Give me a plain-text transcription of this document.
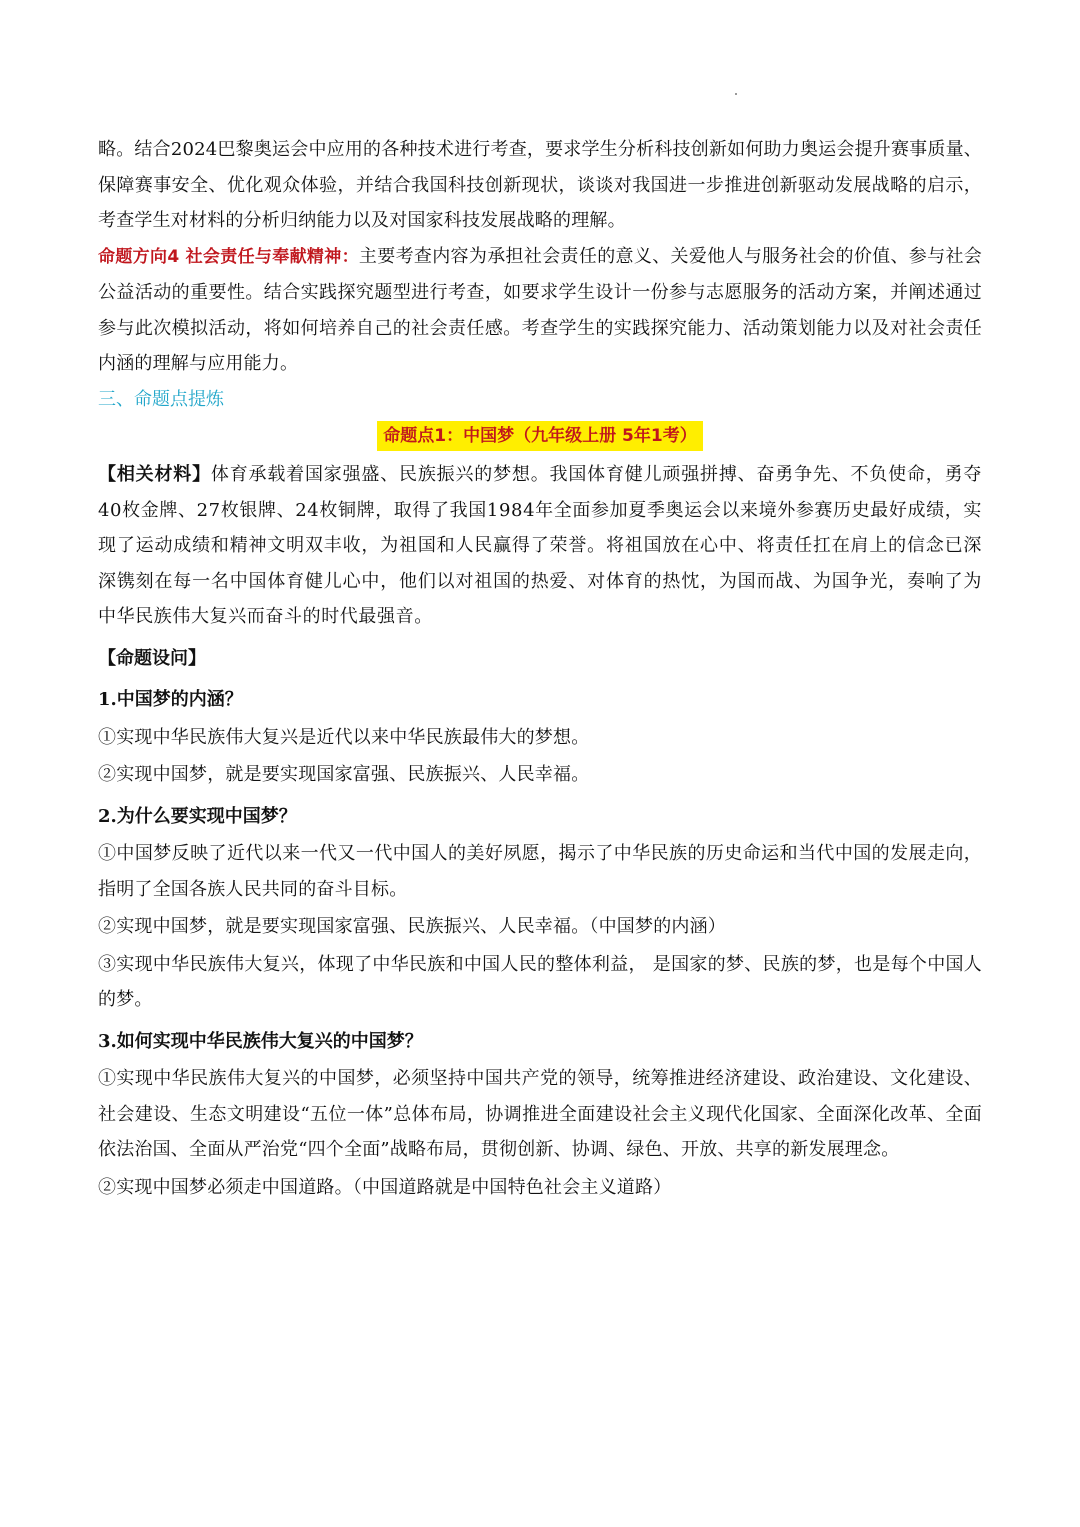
略。结合2024巴黎奥运会中应用的各种技术进行考查，要求学生分析科技创新如何助力奥运会提升赛事质量、保障赛事安全、优化观众体验，并结合我国科技创新现状，谈谈对我国进一步推进创新驱动发展战略的启示，考查学生对材料的分析归纳能力以及对国家科技发展战略的理解。

命题方向4 社会责任与奉献精神：主要考查内容为承担社会责任的意义、关爱他人与服务社会的价值、参与社会公益活动的重要性。结合实践探究题型进行考查，如要求学生设计一份参与志愿服务的活动方案，并阐述通过参与此次模拟活动，将如何培养自己的社会责任感。考查学生的实践探究能力、活动策划能力以及对社会责任内涵的理解与应用能力。

三、命题点提炼

命题点1：中国梦（九年级上册 5年1考）

【相关材料】体育承载着国家强盛、民族振兴的梦想。我国体育健儿顽强拼搏、奋勇争先、不负使命，勇夺40枚金牌、27枚银牌、24枚铜牌，取得了我国1984年全面参加夏季奥运会以来境外参赛历史最好成绩，实现了运动成绩和精神文明双丰收，为祖国和人民赢得了荣誉。将祖国放在心中、将责任扛在肩上的信念已深深镌刻在每一名中国体育健儿心中，他们以对祖国的热爱、对体育的热忱，为国而战、为国争光，奏响了为中华民族伟大复兴而奋斗的时代最强音。

【命题设问】

1.中国梦的内涵？

①实现中华民族伟大复兴是近代以来中华民族最伟大的梦想。

②实现中国梦，就是要实现国家富强、民族振兴、人民幸福。

2.为什么要实现中国梦？

①中国梦反映了近代以来一代又一代中国人的美好夙愿，揭示了中华民族的历史命运和当代中国的发展走向，指明了全国各族人民共同的奋斗目标。

②实现中国梦，就是要实现国家富强、民族振兴、人民幸福。（中国梦的内涵）

③实现中华民族伟大复兴，体现了中华民族和中国人民的整体利益， 是国家的梦、民族的梦，也是每个中国人的梦。

3.如何实现中华民族伟大复兴的中国梦？

①实现中华民族伟大复兴的中国梦，必须坚持中国共产党的领导，统筹推进经济建设、政治建设、文化建设、社会建设、生态文明建设“五位一体”总体布局，协调推进全面建设社会主义现代化国家、全面深化改革、全面依法治国、全面从严治党“四个全面”战略布局，贯彻创新、协调、绿色、开放、共享的新发展理念。

②实现中国梦必须走中国道路。（中国道路就是中国特色社会主义道路）
